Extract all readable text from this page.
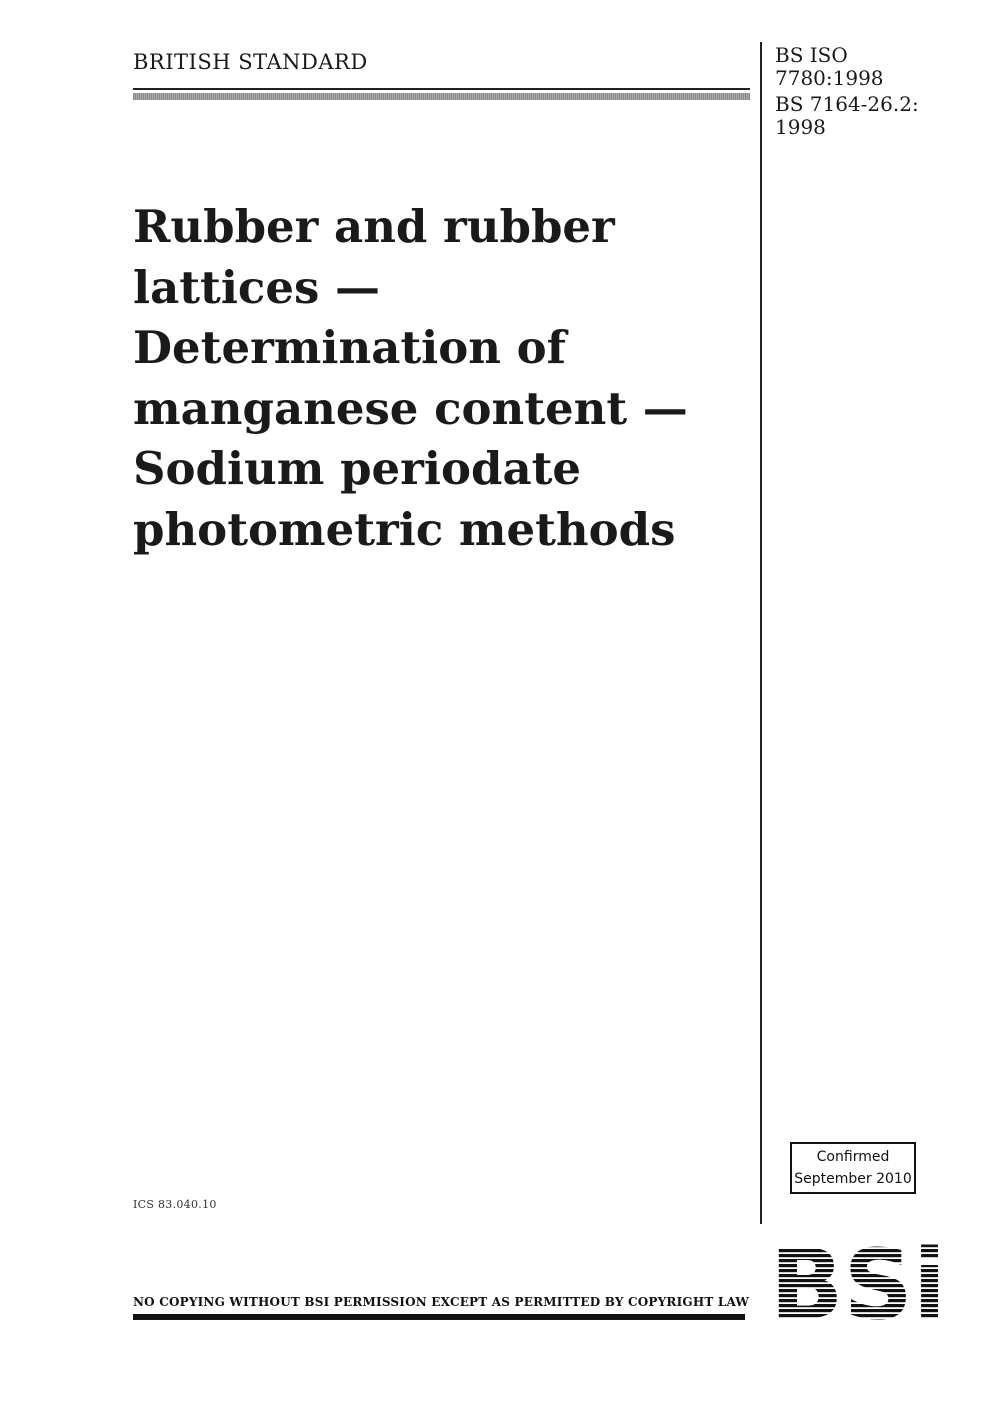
BRITISH STANDARD	BS ISO
7780:1998
BS 7164-26.2:
1998
Rubber and rubber
lattices —
Determination of
manganese content —
Sodium periodate
photometric methods
Confirmed
September 2010
ICS 83.040.10
NO COPYING WITHOUT BSI PERMISSION EXCEPT AS PERMITTED BY COPYRIGHT LAW
